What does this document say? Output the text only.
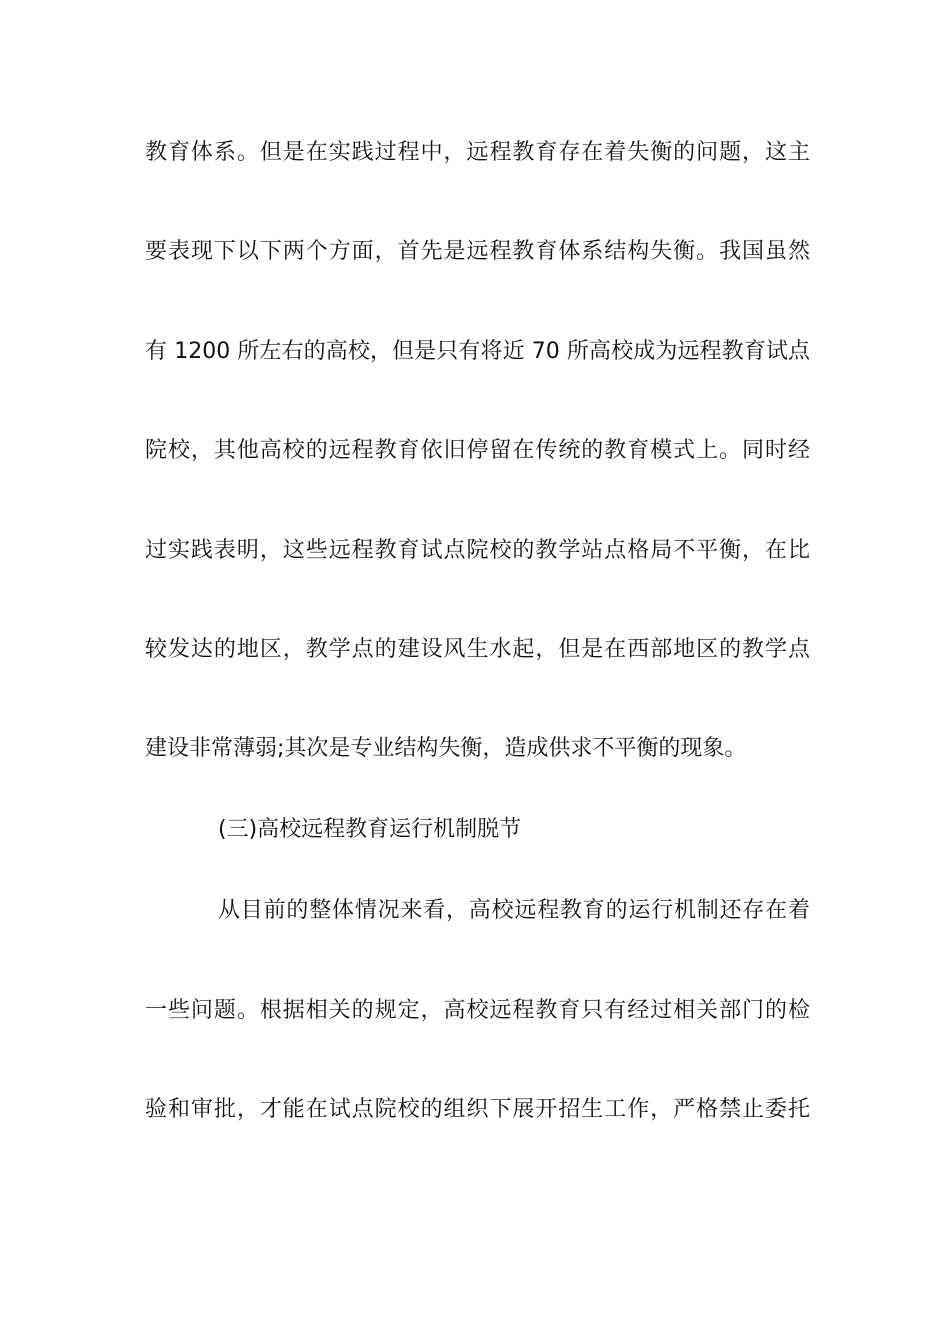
教育体系。但是在实践过程中，远程教育存在着失衡的问题，这主
要表现下以下两个方面，首先是远程教育体系结构失衡。我国虽然
有 1200 所左右的高校，但是只有将近 70 所高校成为远程教育试点
院校，其他高校的远程教育依旧停留在传统的教育模式上。同时经
过实践表明，这些远程教育试点院校的教学站点格局不平衡，在比
较发达的地区，教学点的建设风生水起，但是在西部地区的教学点
建设非常薄弱;其次是专业结构失衡，造成供求不平衡的现象。
(三)高校远程教育运行机制脱节
从目前的整体情况来看，高校远程教育的运行机制还存在着
一些问题。根据相关的规定，高校远程教育只有经过相关部门的检
验和审批，才能在试点院校的组织下展开招生工作，严格禁止委托
